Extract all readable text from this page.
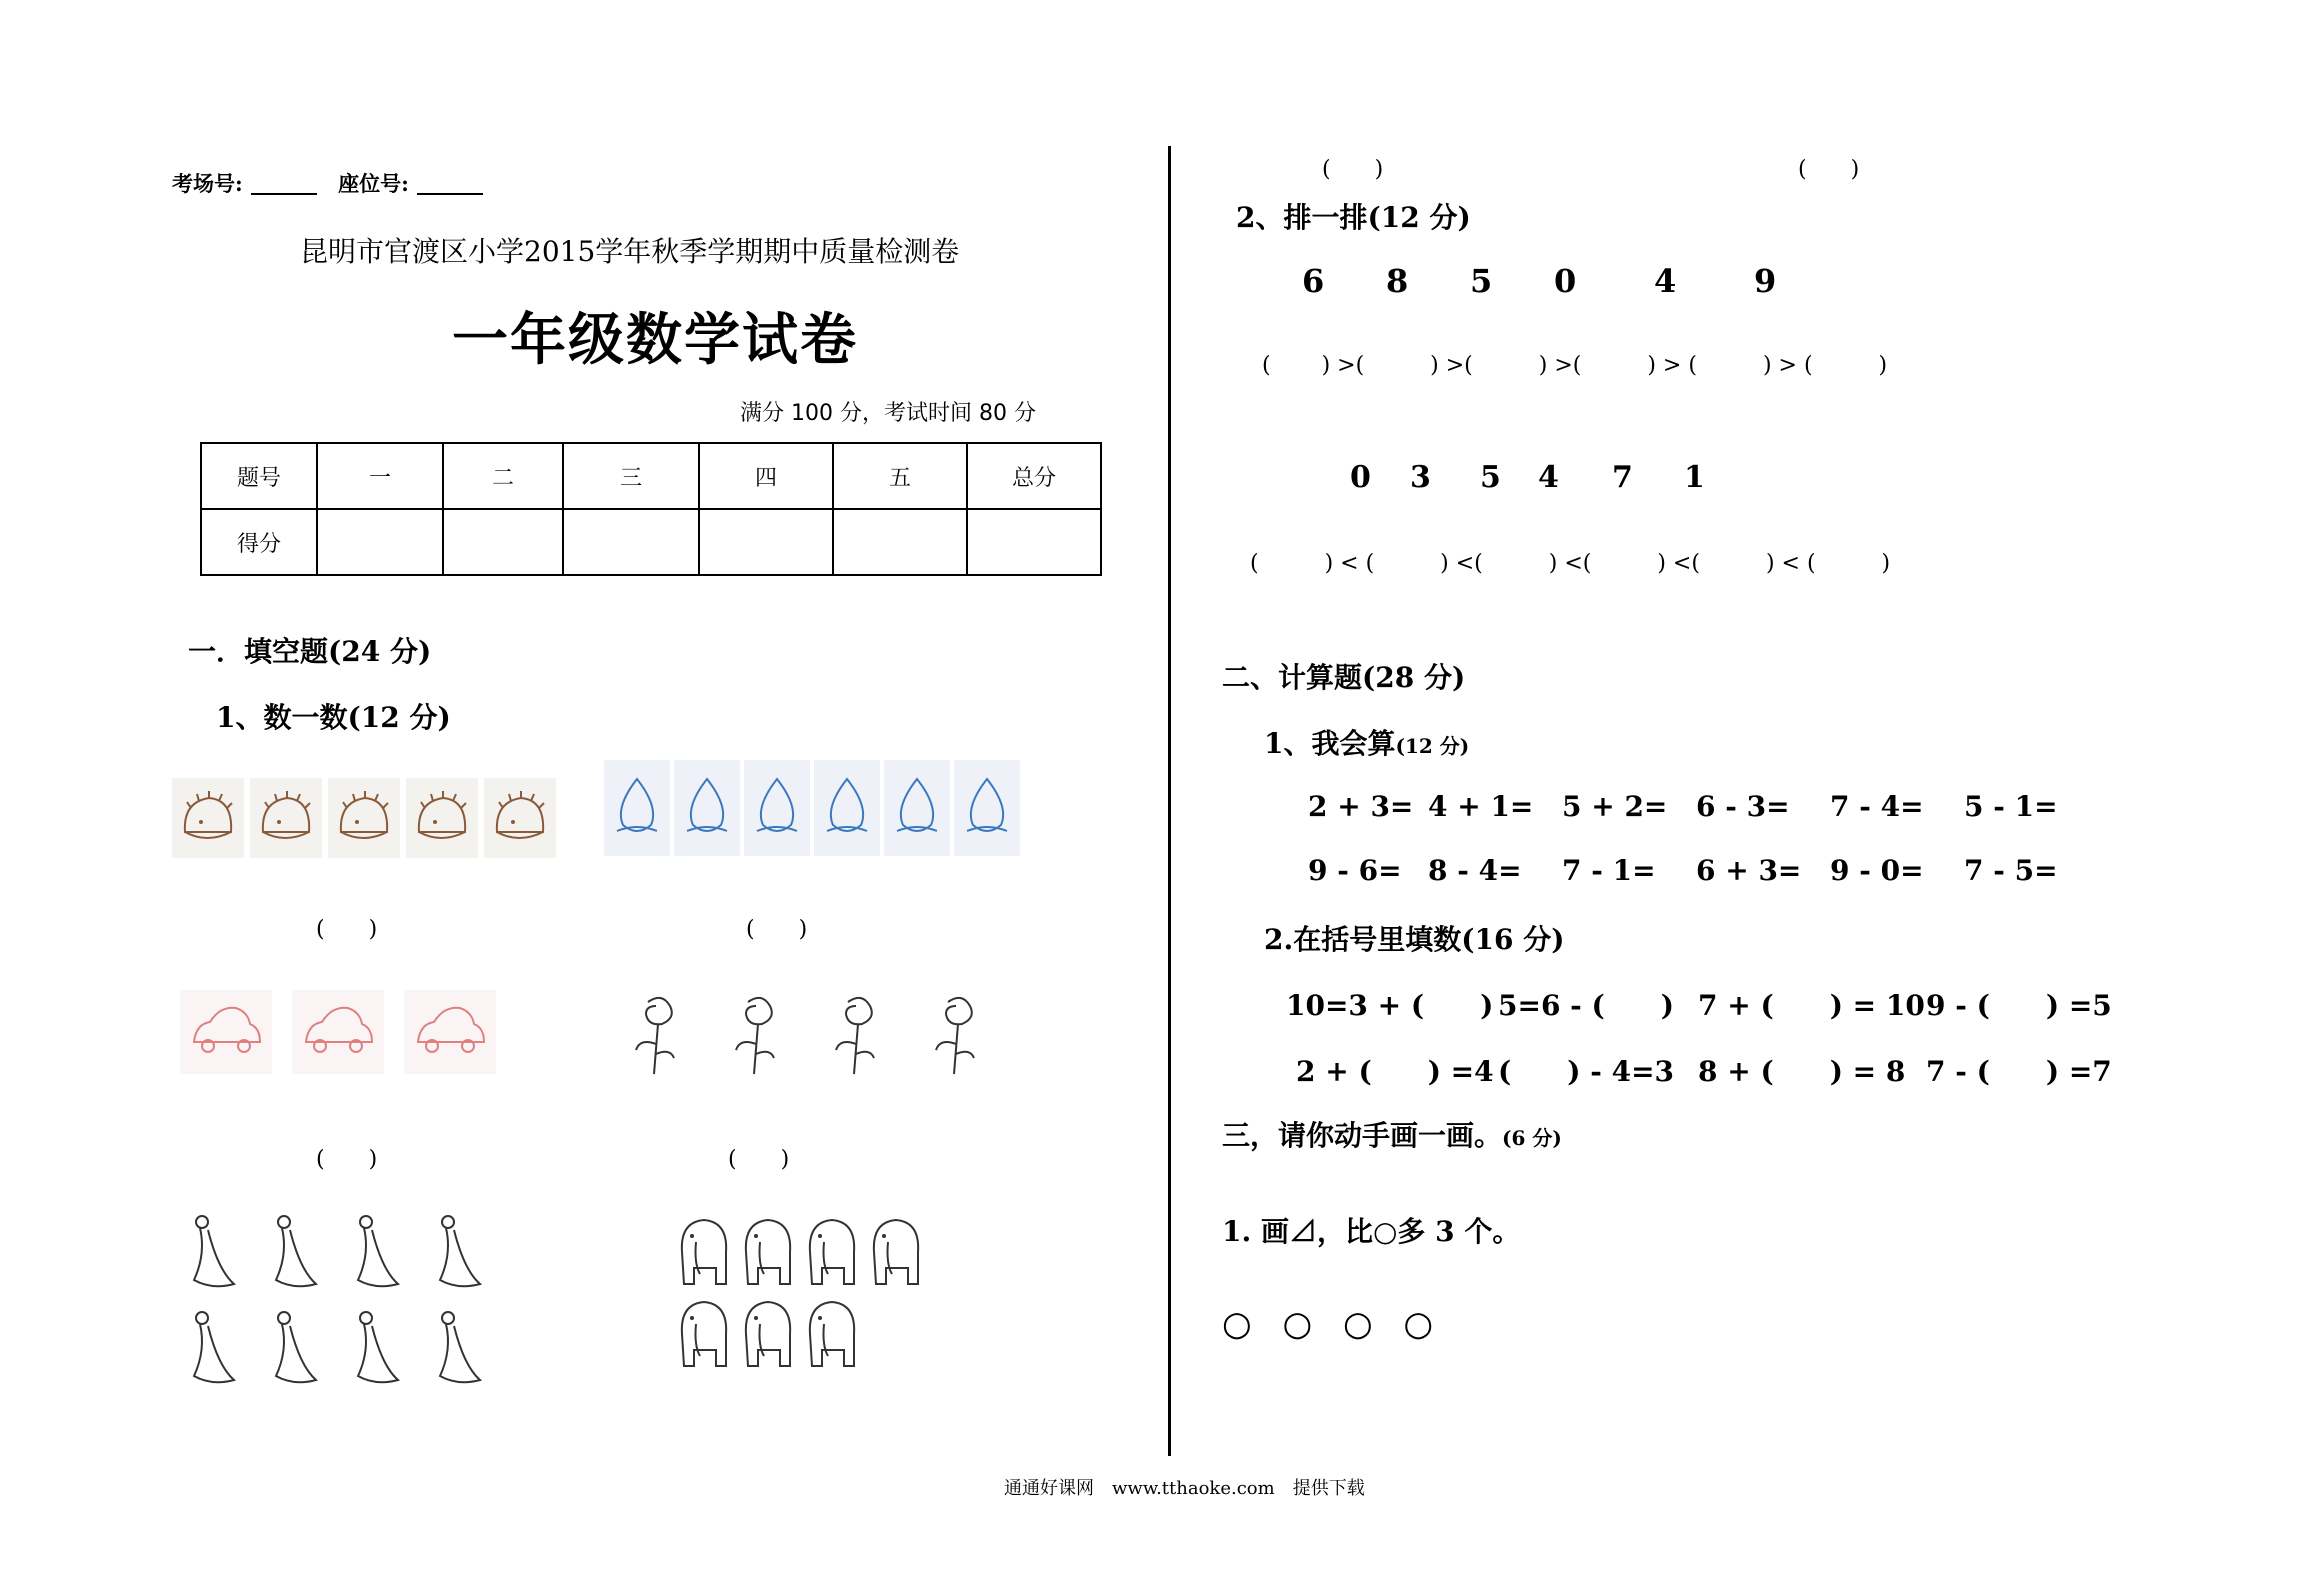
考场号:	座位号:
昆明市官渡区小学2015学年秋季学期期中质量检测卷
一年级数学试卷
满分 100 分，考试时间 80 分
题号	一	二	三	四	五	总分
得分						
一．填空题(24 分)
1、数一数(12 分)
(　　)	(　　)
(　　)	(　　)
(　　)	(　　)
2、排一排(12 分)
6 8 5 0 4 9
(　　 ) >(　　　) >(　　　) >(　　　) > (　　　) > (　　　)
0 3 5 4 7 1
(　　　) < (　　　) <(　　　) <(　　　) <(　　　) < (　　　)
二、计算题(28 分)
1、我会算(12 分)
2 + 3= 4 + 1= 5 + 2= 6 - 3= 7 - 4= 5 - 1=
9 - 6= 8 - 4= 7 - 1= 6 + 3= 9 - 0= 7 - 5=
2.在括号里填数(16 分)
10=3 + (　　) 5=6 - (　　) 7 + (　　) = 109 - (　　) =5
2 + (　　) =4 (　　) - 4=3 8 + (　　) = 8 7 - (　　) =7
三，请你动手画一画。(6 分)
1. 画⊿，比○多 3 个。
○ ○ ○ ○
通通好课网　www.tthaoke.com　提供下载
